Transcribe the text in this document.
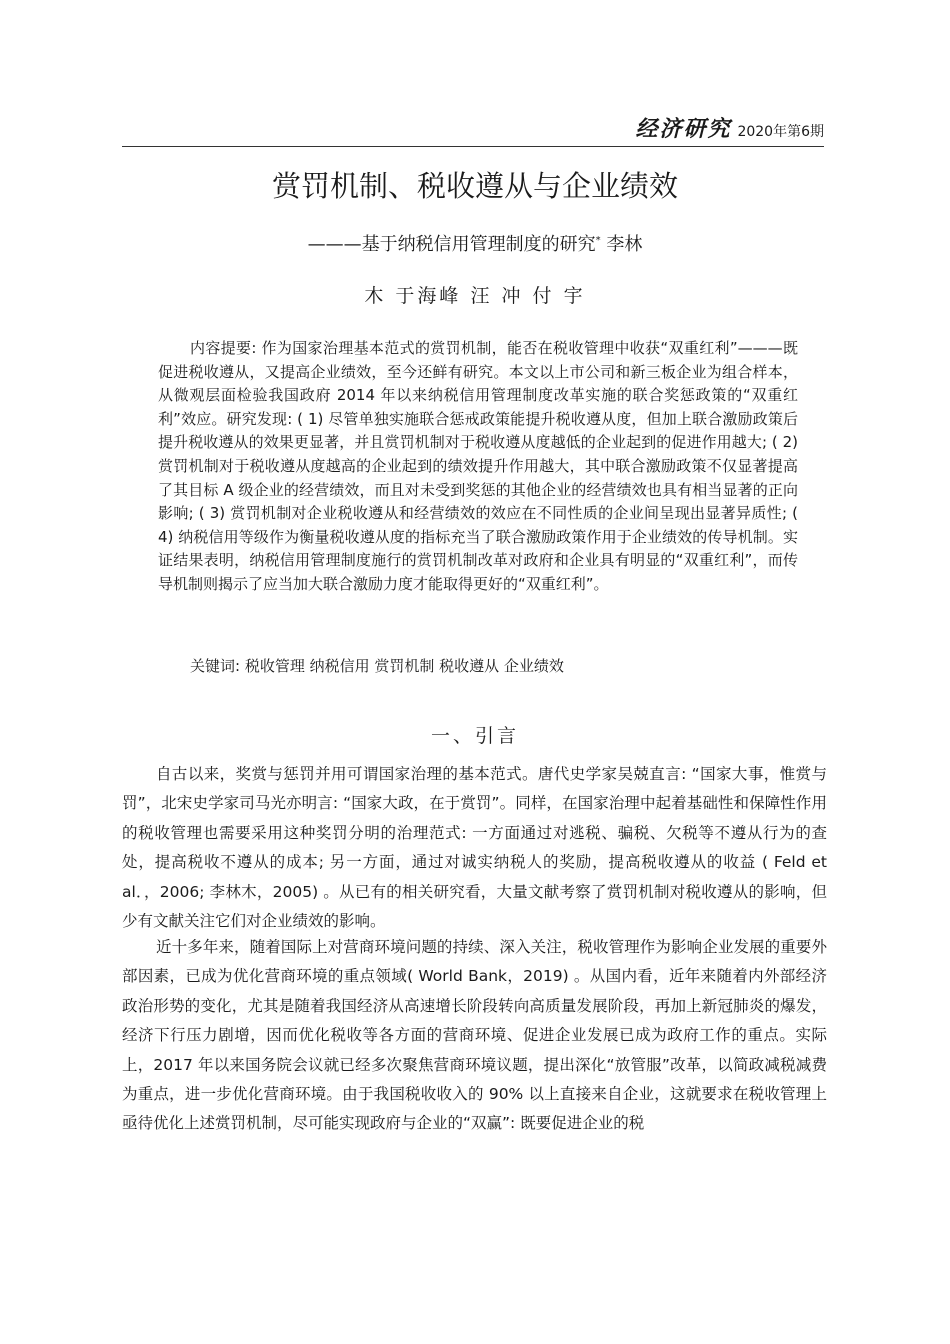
经济研究 2020年第6期
赏罚机制、税收遵从与企业绩效
———基于纳税信用管理制度的研究* 李林
木 于海峰 汪 冲 付 宇

内容提要: 作为国家治理基本范式的赏罚机制，能否在税收管理中收获“双重红利”———既促进税收遵从，又提高企业绩效，至今还鲜有研究。本文以上市公司和新三板企业为组合样本，从微观层面检验我国政府 2014 年以来纳税信用管理制度改革实施的联合奖惩政策的“双重红利”效应。研究发现: ( 1) 尽管单独实施联合惩戒政策能提升税收遵从度，但加上联合激励政策后提升税收遵从的效果更显著，并且赏罚机制对于税收遵从度越低的企业起到的促进作用越大; ( 2) 赏罚机制对于税收遵从度越高的企业起到的绩效提升作用越大，其中联合激励政策不仅显著提高了其目标 A 级企业的经营绩效，而且对未受到奖惩的其他企业的经营绩效也具有相当显著的正向影响; ( 3) 赏罚机制对企业税收遵从和经营绩效的效应在不同性质的企业间呈现出显著异质性; ( 4) 纳税信用等级作为衡量税收遵从度的指标充当了联合激励政策作用于企业绩效的传导机制。实证结果表明，纳税信用管理制度施行的赏罚机制改革对政府和企业具有明显的“双重红利”，而传导机制则揭示了应当加大联合激励力度才能取得更好的“双重红利”。

关键词: 税收管理 纳税信用 赏罚机制 税收遵从 企业绩效

一、引言

自古以来，奖赏与惩罚并用可谓国家治理的基本范式。唐代史学家吴兢直言: “国家大事，惟赏与罚”，北宋史学家司马光亦明言: “国家大政，在于赏罚”。同样，在国家治理中起着基础性和保障性作用的税收管理也需要采用这种奖罚分明的治理范式: 一方面通过对逃税、骗税、欠税等不遵从行为的查处，提高税收不遵从的成本; 另一方面，通过对诚实纳税人的奖励，提高税收遵从的收益 ( Feld et al．，2006; 李林木，2005) 。从已有的相关研究看，大量文献考察了赏罚机制对税收遵从的影响，但少有文献关注它们对企业绩效的影响。

近十多年来，随着国际上对营商环境问题的持续、深入关注，税收管理作为影响企业发展的重要外部因素，已成为优化营商环境的重点领域( World Bank，2019) 。从国内看，近年来随着内外部经济政治形势的变化，尤其是随着我国经济从高速增长阶段转向高质量发展阶段，再加上新冠肺炎的爆发，经济下行压力剧增，因而优化税收等各方面的营商环境、促进企业发展已成为政府工作的重点。实际上，2017 年以来国务院会议就已经多次聚焦营商环境议题，提出深化“放管服”改革，以简政减税减费为重点，进一步优化营商环境。由于我国税收收入的 90% 以上直接来自企业，这就要求在税收管理上亟待优化上述赏罚机制，尽可能实现政府与企业的“双赢”: 既要促进企业的税
